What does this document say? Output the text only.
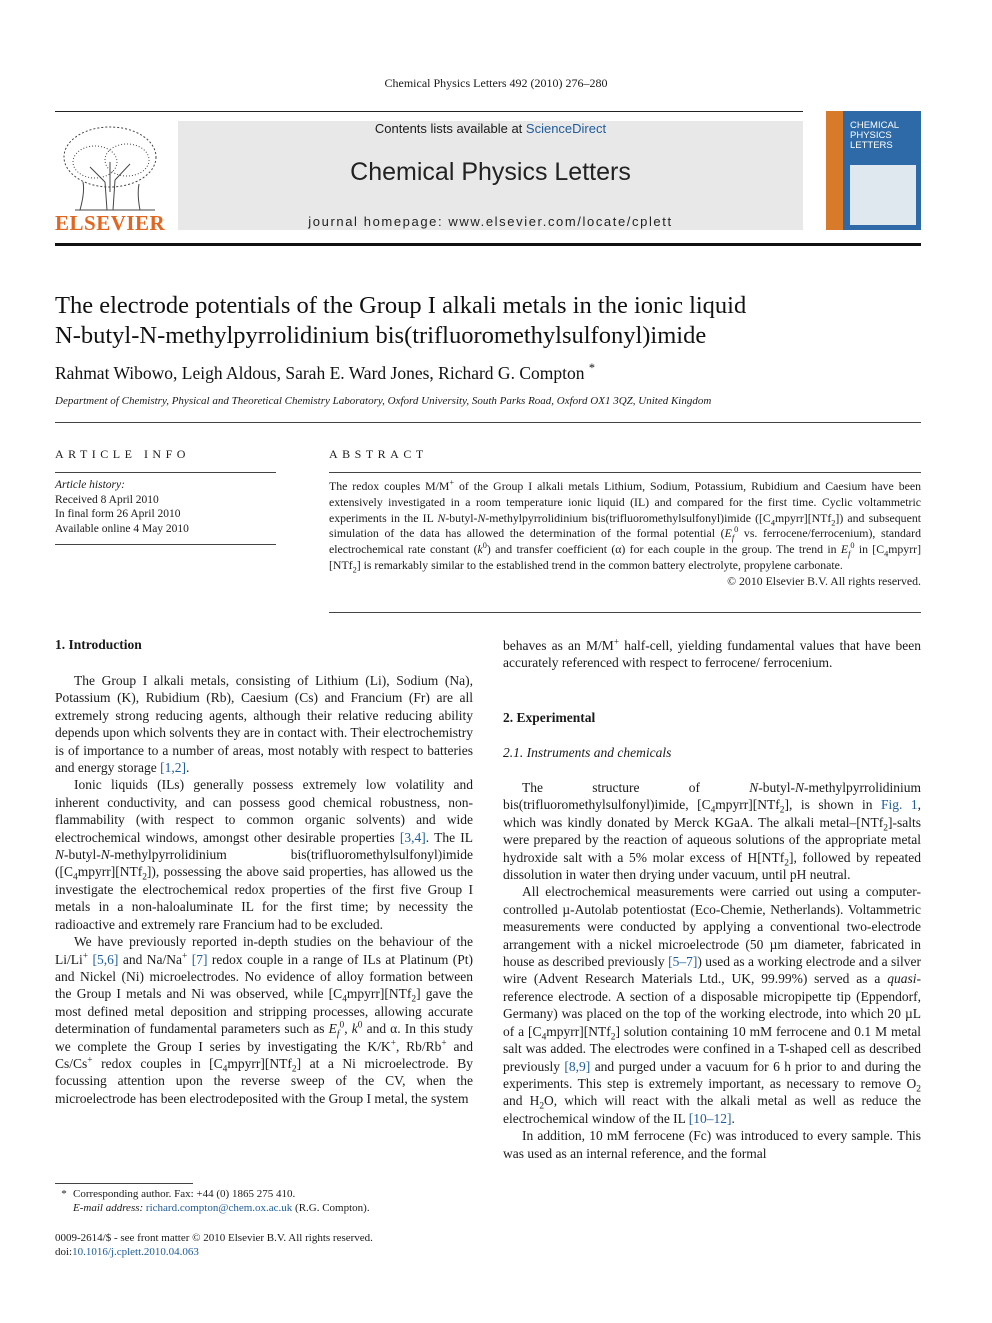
Chemical Physics Letters 492 (2010) 276–280
ELSEVIER
Contents lists available at ScienceDirect
Chemical Physics Letters
journal homepage: www.elsevier.com/locate/cplett
CHEMICAL
PHYSICS
LETTERS
The electrode potentials of the Group I alkali metals in the ionic liquid
N-butyl-N-methylpyrrolidinium bis(trifluoromethylsulfonyl)imide
Rahmat Wibowo, Leigh Aldous, Sarah E. Ward Jones, Richard G. Compton *
Department of Chemistry, Physical and Theoretical Chemistry Laboratory, Oxford University, South Parks Road, Oxford OX1 3QZ, United Kingdom
ARTICLE INFO
Article history:
Received 8 April 2010
In final form 26 April 2010
Available online 4 May 2010
ABSTRACT
The redox couples M/M+ of the Group I alkali metals Lithium, Sodium, Potassium, Rubidium and Caesium have been extensively investigated in a room temperature ionic liquid (IL) and compared for the first time. Cyclic voltammetric experiments in the IL N-butyl-N-methylpyrrolidinium bis(trifluoromethylsulfonyl)imide $([C_4mpyrr][NTf_2])$ and subsequent simulation of the data has allowed the determination of the formal potential ($E_f^0$ vs. ferrocene/ferrocenium), standard electrochemical rate constant $(k^0)$ and transfer coefficient (α) for each couple in the group. The trend in $E_f^0$ in $[C_4mpyrr][NTf_2]$ is remarkably similar to the established trend in the common battery electrolyte, propylene carbonate.
© 2010 Elsevier B.V. All rights reserved.
1. Introduction

The Group I alkali metals, consisting of Lithium (Li), Sodium (Na), Potassium (K), Rubidium (Rb), Caesium (Cs) and Francium (Fr) are all extremely strong reducing agents, although their relative reducing ability depends upon which solvents they are in contact with. Their electrochemistry is of importance to a number of areas, most notably with respect to batteries and energy storage [1,2].

Ionic liquids (ILs) generally possess extremely low volatility and inherent conductivity, and can possess good chemical robustness, non-flammability (with respect to common organic solvents) and wide electrochemical windows, amongst other desirable properties [3,4]. The IL N-butyl-N-methylpyrrolidinium bis(trifluoromethylsulfonyl)imide $([C_4mpyrr][NTf_2])$, possessing the above said properties, has allowed us the investigate the electrochemical redox properties of the first five Group I metals in a non-haloaluminate IL for the first time; by necessity the radioactive and extremely rare Francium had to be excluded.

We have previously reported in-depth studies on the behaviour of the Li/Li+ [5,6] and Na/Na+ [7] redox couple in a range of ILs at Platinum (Pt) and Nickel (Ni) microelectrodes. No evidence of alloy formation between the Group I metals and Ni was observed, while $[C_4mpyrr][NTf_2]$ gave the most defined metal deposition and stripping processes, allowing accurate determination of fundamental parameters such as $E_f^0$, $k^0$ and α. In this study we complete the Group I series by investigating the K/K+, Rb/Rb+ and Cs/Cs+ redox couples in $[C_4mpyrr][NTf_2]$ at a Ni microelectrode. By focussing attention upon the reverse sweep of the CV, when the microelectrode has been electrodeposited with the Group I metal, the system

behaves as an M/M+ half-cell, yielding fundamental values that have been accurately referenced with respect to ferrocene/ ferrocenium.

2. Experimental
2.1. Instruments and chemicals

The structure of N-butyl-N-methylpyrrolidinium bis(trifluoromethylsulfonyl)imide, $[C_4mpyrr][NTf_2]$, is shown in Fig. 1, which was kindly donated by Merck KGaA. The alkali metal–[NTf$_2$]-salts were prepared by the reaction of aqueous solutions of the appropriate metal hydroxide salt with a 5% molar excess of H[NTf$_2$], followed by repeated dissolution in water then drying under vacuum, until pH neutral.

All electrochemical measurements were carried out using a computer-controlled µ-Autolab potentiostat (Eco-Chemie, Netherlands). Voltammetric measurements were conducted by applying a conventional two-electrode arrangement with a nickel microelectrode (50 µm diameter, fabricated in house as described previously [5–7]) used as a working electrode and a silver wire (Advent Research Materials Ltd., UK, 99.99%) served as a quasi-reference electrode. A section of a disposable micropipette tip (Eppendorf, Germany) was placed on the top of the working electrode, into which 20 µL of a $[C_4mpyrr][NTf_2]$ solution containing 10 mM ferrocene and 0.1 M metal salt was added. The electrodes were confined in a T-shaped cell as described previously [8,9] and purged under a vacuum for 6 h prior to and during the experiments. This step is extremely important, as necessary to remove $O_2$ and $H_2O$, which will react with the alkali metal as well as reduce the electrochemical window of the IL [10–12].

In addition, 10 mM ferrocene (Fc) was introduced to every sample. This was used as an internal reference, and the formal

* Corresponding author. Fax: +44 (0) 1865 275 410.
E-mail address: richard.compton@chem.ox.ac.uk (R.G. Compton).
0009-2614/$ - see front matter © 2010 Elsevier B.V. All rights reserved.
doi:10.1016/j.cplett.2010.04.063
